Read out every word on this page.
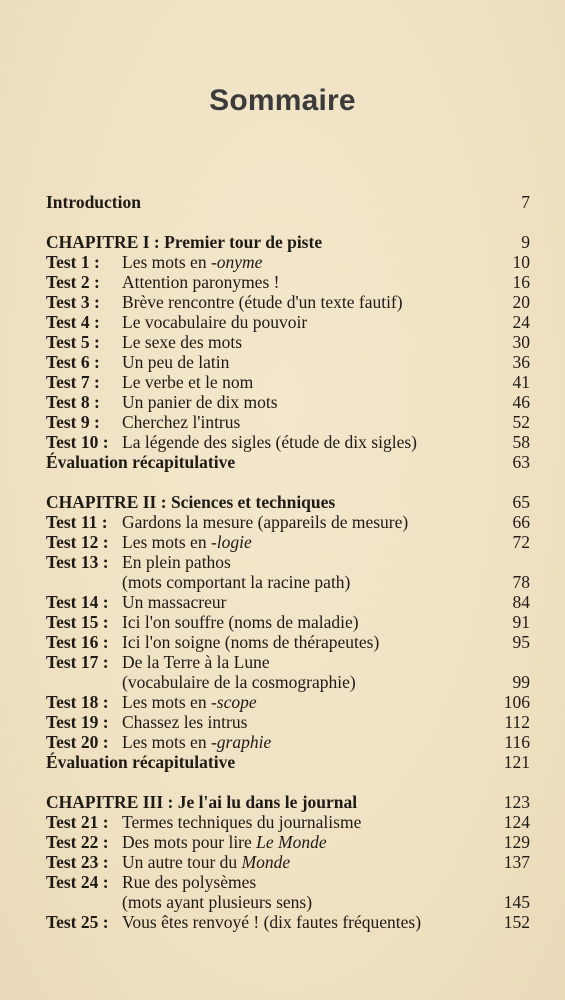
Sommaire
Introduction	7
CHAPITRE I : Premier tour de piste	9
Test 1 : Les mots en -onyme	10
Test 2 : Attention paronymes !	16
Test 3 : Brève rencontre (étude d'un texte fautif)	20
Test 4 : Le vocabulaire du pouvoir	24
Test 5 : Le sexe des mots	30
Test 6 : Un peu de latin	36
Test 7 : Le verbe et le nom	41
Test 8 : Un panier de dix mots	46
Test 9 : Cherchez l'intrus	52
Test 10 : La légende des sigles (étude de dix sigles)	58
Évaluation récapitulative	63
CHAPITRE II : Sciences et techniques	65
Test 11 : Gardons la mesure (appareils de mesure)	66
Test 12 : Les mots en -logie	72
Test 13 : En plein pathos
(mots comportant la racine path)	78
Test 14 : Un massacreur	84
Test 15 : Ici l'on souffre (noms de maladie)	91
Test 16 : Ici l'on soigne (noms de thérapeutes)	95
Test 17 : De la Terre à la Lune
(vocabulaire de la cosmographie)	99
Test 18 : Les mots en -scope	106
Test 19 : Chassez les intrus	112
Test 20 : Les mots en -graphie	116
Évaluation récapitulative	121
CHAPITRE III : Je l'ai lu dans le journal	123
Test 21 : Termes techniques du journalisme	124
Test 22 : Des mots pour lire Le Monde	129
Test 23 : Un autre tour du Monde	137
Test 24 : Rue des polysèmes
(mots ayant plusieurs sens)	145
Test 25 : Vous êtes renvoyé ! (dix fautes fréquentes)	152
